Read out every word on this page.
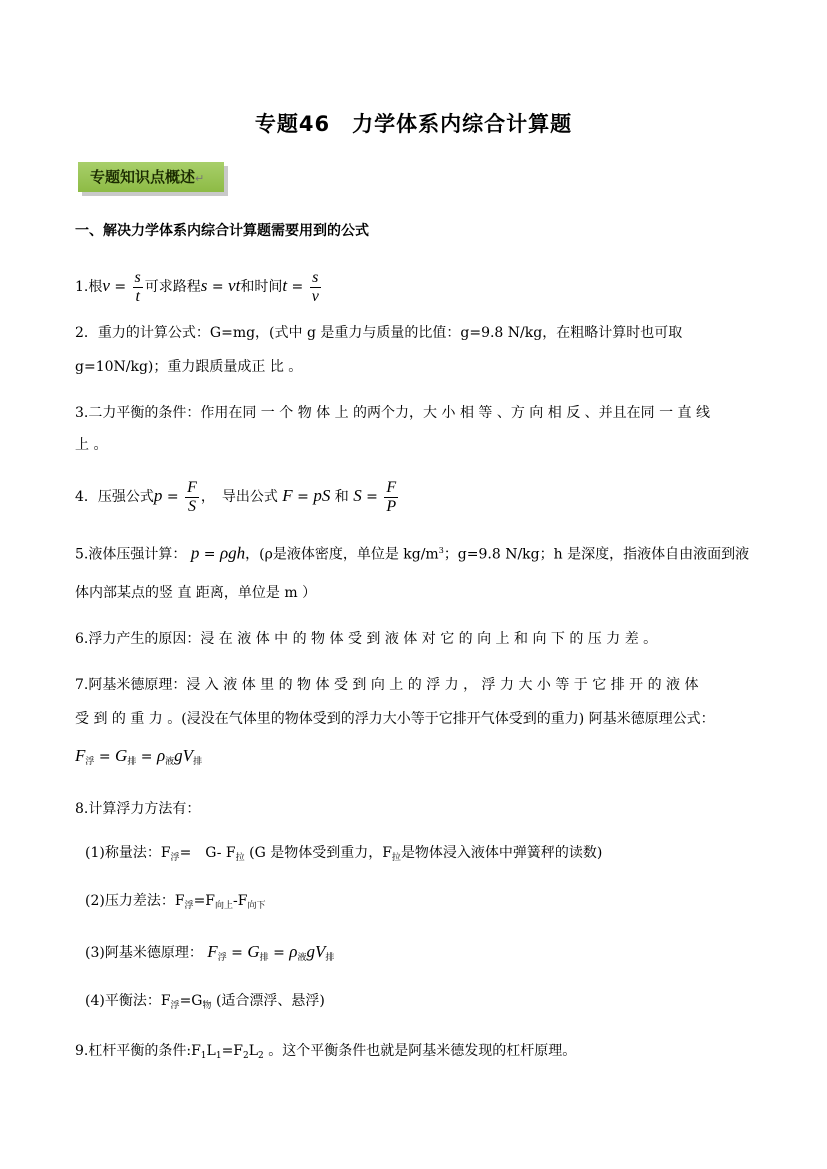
专题46　力学体系内综合计算题
专题知识点概述↵
一、解决力学体系内综合计算题需要用到的公式
1.根$v = \frac{s}{t}$ 可求路程s = vt和时间$t = \frac{s}{v}$
2．重力的计算公式：G=mg，(式中 g 是重力与质量的比值：g=9.8 N/kg，在粗略计算时也可取
g=10N/kg)；重力跟质量成正 比 。
3.二力平衡的条件：作用在同 一 个 物 体 上 的两个力，大 小 相 等 、方 向 相 反 、并且在同 一 直 线
上 。
4．压强公式$p = \frac{F}{S}$ ，　导出公式 F = pS 和 $S = \frac{F}{P}$
5.液体压强计算： p = ρgh，(ρ是液体密度，单位是 $kg/m^3$；g=9.8 N/kg；h 是深度，指液体自由液面到液
体内部某点的竖 直 距离，单位是 m ）
6.浮力产生的原因：浸 在 液 体 中 的 物 体 受 到 液 体 对 它 的 向 上 和 向 下 的 压 力 差 。
7.阿基米德原理：浸 入 液 体 里 的 物 体 受 到 向 上 的 浮 力 ， 浮 力 大 小 等 于 它 排 开 的 液 体
受 到 的 重 力 。(浸没在气体里的物体受到的浮力大小等于它排开气体受到的重力) 阿基米德原理公式：
$F_浮 = G_排 = \rho_液gV_排$
8.计算浮力方法有：
(1)称量法：$F_浮=$　G- $F_拉$ (G 是物体受到重力，$F_拉$是物体浸入液体中弹簧秤的读数)
(2)压力差法：$F_浮=F_{向上}-F_{向下}$
(3)阿基米德原理： $F_浮 = G_排 = \rho_液gV_排$
(4)平衡法：$F_浮=G_物$ (适合漂浮、悬浮)
9.杠杆平衡的条件$:F_1L_1=F_2L_2$ 。这个平衡条件也就是阿基米德发现的杠杆原理。
